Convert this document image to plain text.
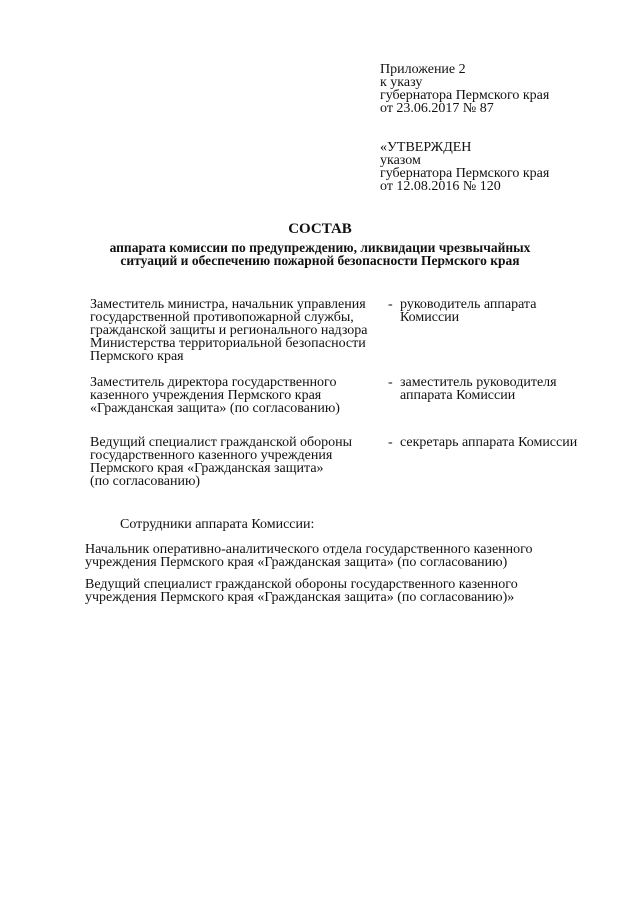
Приложение 2
к указу
губернатора Пермского края
от 23.06.2017 № 87
«УТВЕРЖДЕН
указом
губернатора Пермского края
от 12.08.2016 № 120
СОСТАВ
аппарата комиссии по предупреждению, ликвидации чрезвычайных
ситуаций и обеспечению пожарной безопасности Пермского края
Заместитель министра, начальник управления
государственной противопожарной службы,
гражданской защиты и регионального надзора
Министерства территориальной безопасности
Пермского края
- руководитель аппарата
Комиссии
Заместитель директора государственного
казенного учреждения Пермского края
«Гражданская защита» (по согласованию)
- заместитель руководителя
аппарата Комиссии
Ведущий специалист гражданской обороны
государственного казенного учреждения
Пермского края «Гражданская защита»
(по согласованию)
- секретарь аппарата Комиссии
Сотрудники аппарата Комиссии:
Начальник оперативно-аналитического отдела государственного казенного
учреждения Пермского края «Гражданская защита» (по согласованию)
Ведущий специалист гражданской обороны государственного казенного
учреждения Пермского края «Гражданская защита» (по согласованию)»
